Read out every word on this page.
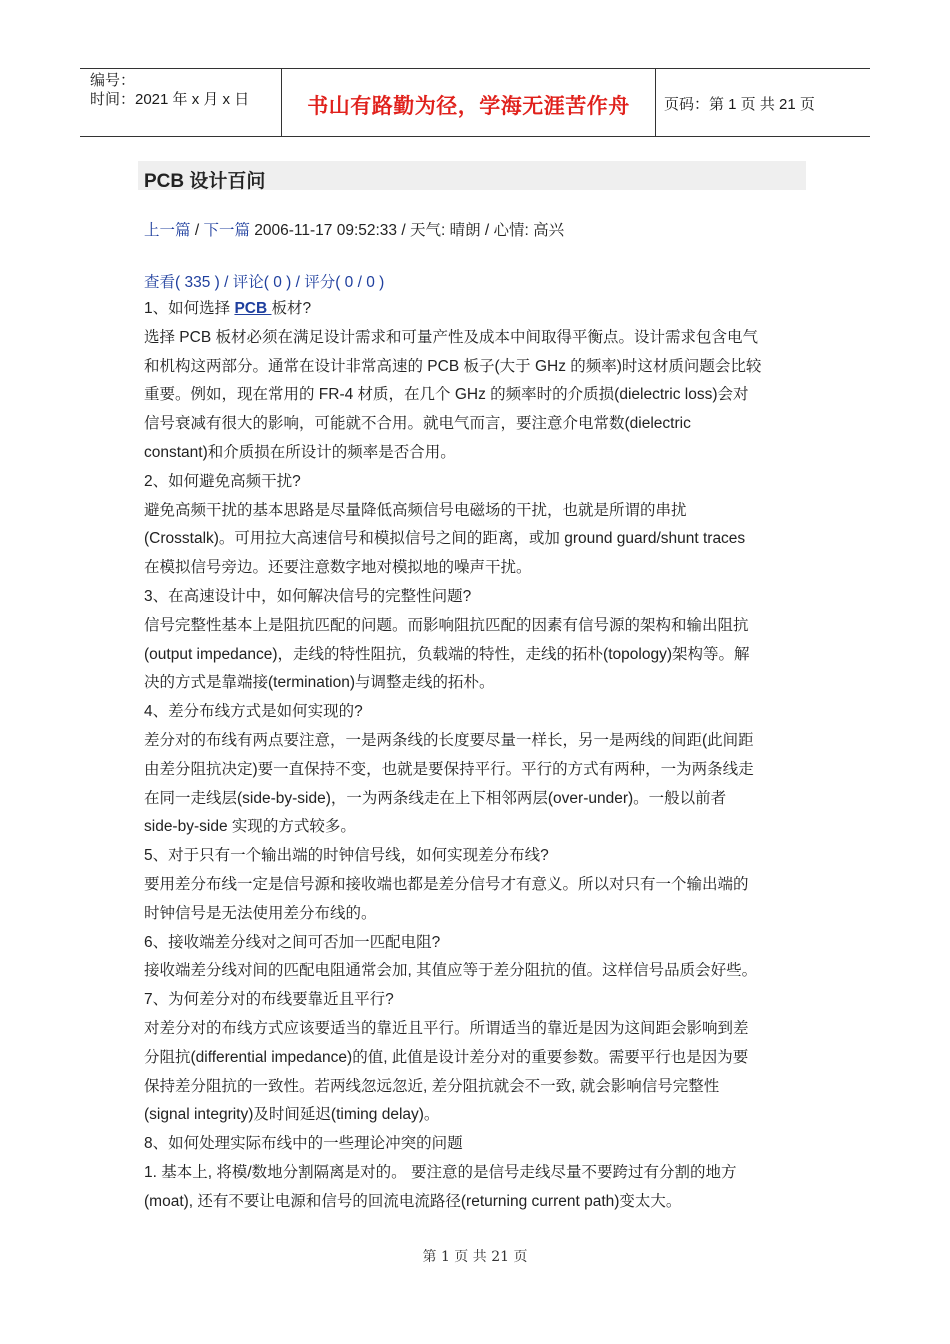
编号：
时间：2021 年 x 月 x 日	书山有路勤为径，学海无涯苦作舟	页码：第 1 页 共 21 页
PCB 设计百问
上一篇 / 下一篇 2006-11-17 09:52:33 / 天气: 晴朗 / 心情: 高兴
查看( 335 ) / 评论( 0 ) / 评分( 0 / 0 )
1、如何选择 PCB 板材?
选择 PCB 板材必须在满足设计需求和可量产性及成本中间取得平衡点。设计需求包含电气
和机构这两部分。通常在设计非常高速的 PCB 板子(大于 GHz 的频率)时这材质问题会比较
重要。例如，现在常用的 FR-4 材质，在几个 GHz 的频率时的介质损(dielectric loss)会对
信号衰减有很大的影响，可能就不合用。就电气而言，要注意介电常数(dielectric
constant)和介质损在所设计的频率是否合用。
2、如何避免高频干扰?
避免高频干扰的基本思路是尽量降低高频信号电磁场的干扰，也就是所谓的串扰
(Crosstalk)。可用拉大高速信号和模拟信号之间的距离，或加 ground guard/shunt traces
在模拟信号旁边。还要注意数字地对模拟地的噪声干扰。
3、在高速设计中，如何解决信号的完整性问题?
信号完整性基本上是阻抗匹配的问题。而影响阻抗匹配的因素有信号源的架构和输出阻抗
(output impedance)，走线的特性阻抗，负载端的特性，走线的拓朴(topology)架构等。解
决的方式是靠端接(termination)与调整走线的拓朴。
4、差分布线方式是如何实现的?
差分对的布线有两点要注意，一是两条线的长度要尽量一样长，另一是两线的间距(此间距
由差分阻抗决定)要一直保持不变，也就是要保持平行。平行的方式有两种，一为两条线走
在同一走线层(side-by-side)，一为两条线走在上下相邻两层(over-under)。一般以前者
side-by-side 实现的方式较多。
5、对于只有一个输出端的时钟信号线，如何实现差分布线?
要用差分布线一定是信号源和接收端也都是差分信号才有意义。所以对只有一个输出端的
时钟信号是无法使用差分布线的。
6、接收端差分线对之间可否加一匹配电阻?
接收端差分线对间的匹配电阻通常会加, 其值应等于差分阻抗的值。这样信号品质会好些。
7、为何差分对的布线要靠近且平行?
对差分对的布线方式应该要适当的靠近且平行。所谓适当的靠近是因为这间距会影响到差
分阻抗(differential impedance)的值, 此值是设计差分对的重要参数。需要平行也是因为要
保持差分阻抗的一致性。若两线忽远忽近, 差分阻抗就会不一致, 就会影响信号完整性
(signal integrity)及时间延迟(timing delay)。
8、如何处理实际布线中的一些理论冲突的问题
1. 基本上, 将模/数地分割隔离是对的。 要注意的是信号走线尽量不要跨过有分割的地方
(moat), 还有不要让电源和信号的回流电流路径(returning current path)变太大。
第 1 页 共 21 页
